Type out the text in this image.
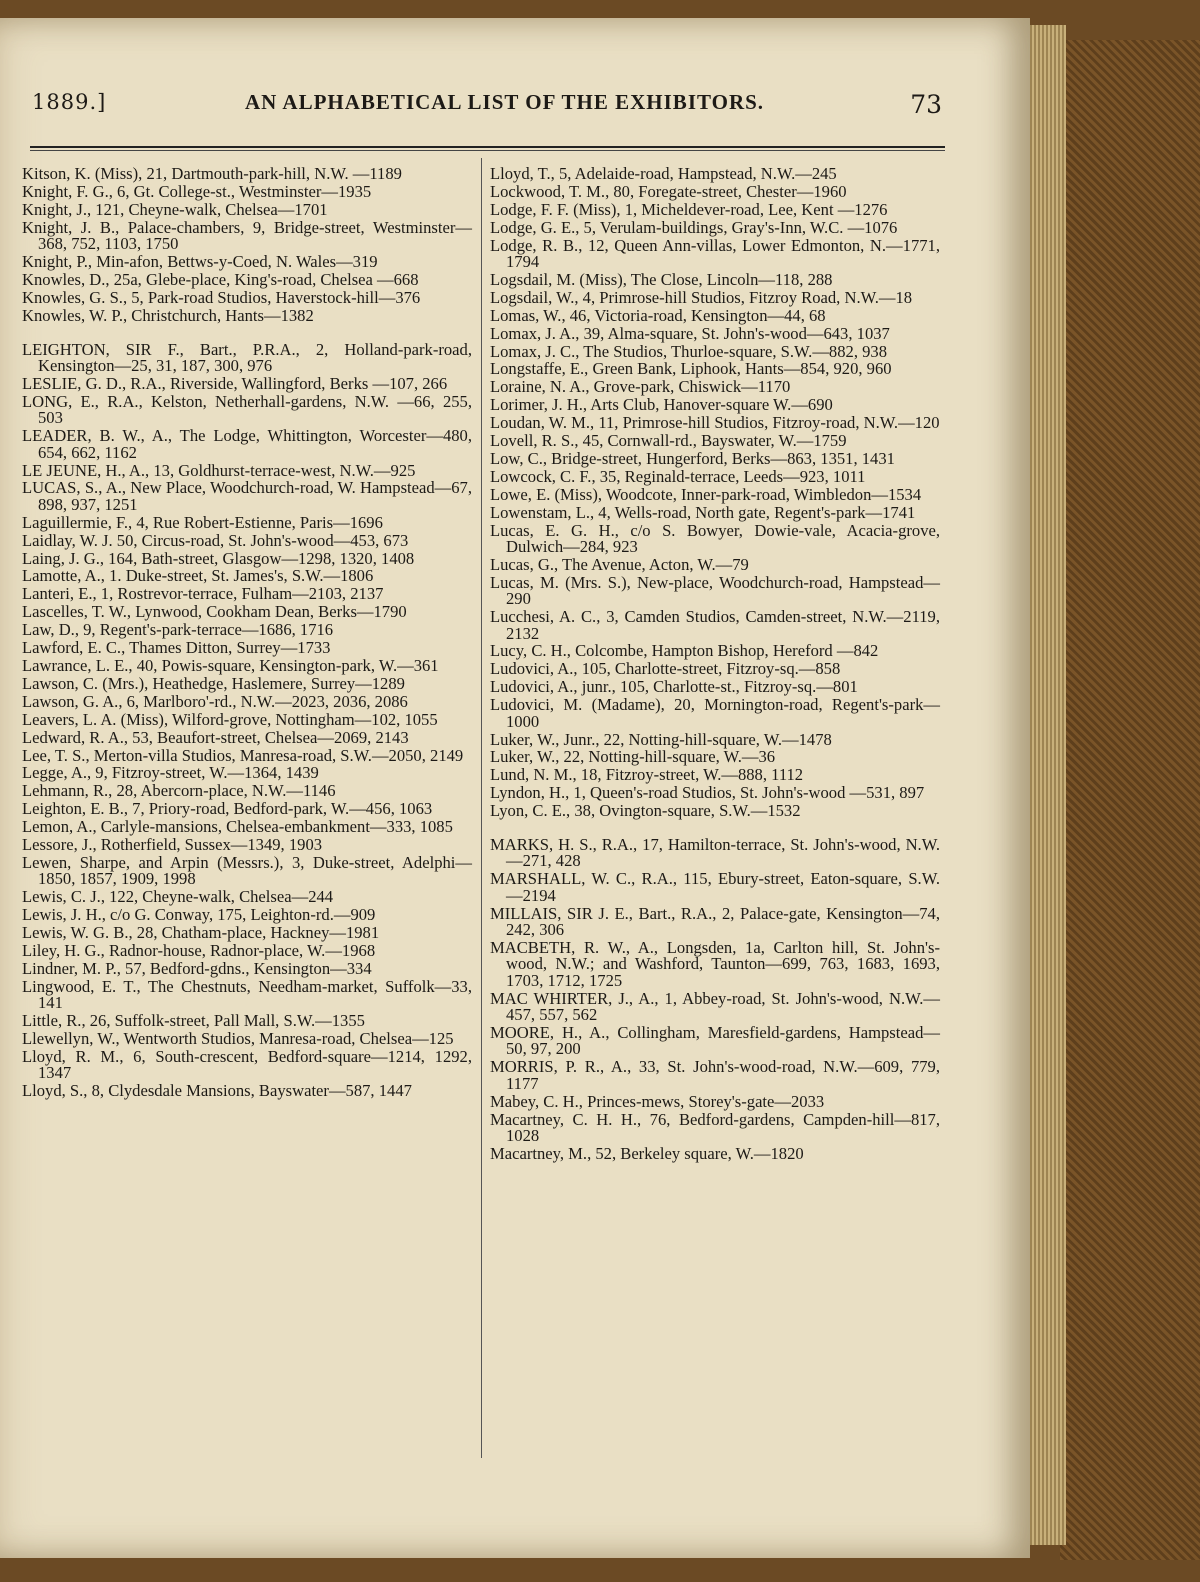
1889.]	AN ALPHABETICAL LIST OF THE EXHIBITORS.	73
Kitson, K. (Miss), 21, Dartmouth-park-hill, N.W. —1189
Knight, F. G., 6, Gt. College-st., Westminster—1935
Knight, J., 121, Cheyne-walk, Chelsea—1701
Knight, J. B., Palace-chambers, 9, Bridge-street, Westminster—368, 752, 1103, 1750
Knight, P., Min-afon, Bettws-y-Coed, N. Wales—319
Knowles, D., 25a, Glebe-place, King's-road, Chelsea —668
Knowles, G. S., 5, Park-road Studios, Haverstock-hill—376
Knowles, W. P., Christchurch, Hants—1382
LEIGHTON, SIR F., Bart., P.R.A., 2, Holland-park-road, Kensington—25, 31, 187, 300, 976
LESLIE, G. D., R.A., Riverside, Wallingford, Berks —107, 266
LONG, E., R.A., Kelston, Netherhall-gardens, N.W. —66, 255, 503
LEADER, B. W., A., The Lodge, Whittington, Worcester—480, 654, 662, 1162
LE JEUNE, H., A., 13, Goldhurst-terrace-west, N.W.—925
LUCAS, S., A., New Place, Woodchurch-road, W. Hampstead—67, 898, 937, 1251
Laguillermie, F., 4, Rue Robert-Estienne, Paris—1696
Laidlay, W. J. 50, Circus-road, St. John's-wood—453, 673
Laing, J. G., 164, Bath-street, Glasgow—1298, 1320, 1408
Lamotte, A., 1. Duke-street, St. James's, S.W.—1806
Lanteri, E., 1, Rostrevor-terrace, Fulham—2103, 2137
Lascelles, T. W., Lynwood, Cookham Dean, Berks—1790
Law, D., 9, Regent's-park-terrace—1686, 1716
Lawford, E. C., Thames Ditton, Surrey—1733
Lawrance, L. E., 40, Powis-square, Kensington-park, W.—361
Lawson, C. (Mrs.), Heathedge, Haslemere, Surrey—1289
Lawson, G. A., 6, Marlboro'-rd., N.W.—2023, 2036, 2086
Leavers, L. A. (Miss), Wilford-grove, Nottingham—102, 1055
Ledward, R. A., 53, Beaufort-street, Chelsea—2069, 2143
Lee, T. S., Merton-villa Studios, Manresa-road, S.W.—2050, 2149
Legge, A., 9, Fitzroy-street, W.—1364, 1439
Lehmann, R., 28, Abercorn-place, N.W.—1146
Leighton, E. B., 7, Priory-road, Bedford-park, W.—456, 1063
Lemon, A., Carlyle-mansions, Chelsea-embankment—333, 1085
Lessore, J., Rotherfield, Sussex—1349, 1903
Lewen, Sharpe, and Arpin (Messrs.), 3, Duke-street, Adelphi—1850, 1857, 1909, 1998
Lewis, C. J., 122, Cheyne-walk, Chelsea—244
Lewis, J. H., c/o G. Conway, 175, Leighton-rd.—909
Lewis, W. G. B., 28, Chatham-place, Hackney—1981
Liley, H. G., Radnor-house, Radnor-place, W.—1968
Lindner, M. P., 57, Bedford-gdns., Kensington—334
Lingwood, E. T., The Chestnuts, Needham-market, Suffolk—33, 141
Little, R., 26, Suffolk-street, Pall Mall, S.W.—1355
Llewellyn, W., Wentworth Studios, Manresa-road, Chelsea—125
Lloyd, R. M., 6, South-crescent, Bedford-square—1214, 1292, 1347
Lloyd, S., 8, Clydesdale Mansions, Bayswater—587, 1447
Lloyd, T., 5, Adelaide-road, Hampstead, N.W.—245
Lockwood, T. M., 80, Foregate-street, Chester—1960
Lodge, F. F. (Miss), 1, Micheldever-road, Lee, Kent —1276
Lodge, G. E., 5, Verulam-buildings, Gray's-Inn, W.C. —1076
Lodge, R. B., 12, Queen Ann-villas, Lower Edmonton, N.—1771, 1794
Logsdail, M. (Miss), The Close, Lincoln—118, 288
Logsdail, W., 4, Primrose-hill Studios, Fitzroy Road, N.W.—18
Lomas, W., 46, Victoria-road, Kensington—44, 68
Lomax, J. A., 39, Alma-square, St. John's-wood—643, 1037
Lomax, J. C., The Studios, Thurloe-square, S.W.—882, 938
Longstaffe, E., Green Bank, Liphook, Hants—854, 920, 960
Loraine, N. A., Grove-park, Chiswick—1170
Lorimer, J. H., Arts Club, Hanover-square W.—690
Loudan, W. M., 11, Primrose-hill Studios, Fitzroy-road, N.W.—120
Lovell, R. S., 45, Cornwall-rd., Bayswater, W.—1759
Low, C., Bridge-street, Hungerford, Berks—863, 1351, 1431
Lowcock, C. F., 35, Reginald-terrace, Leeds—923, 1011
Lowe, E. (Miss), Woodcote, Inner-park-road, Wimbledon—1534
Lowenstam, L., 4, Wells-road, North gate, Regent's-park—1741
Lucas, E. G. H., c/o S. Bowyer, Dowie-vale, Acacia-grove, Dulwich—284, 923
Lucas, G., The Avenue, Acton, W.—79
Lucas, M. (Mrs. S.), New-place, Woodchurch-road, Hampstead—290
Lucchesi, A. C., 3, Camden Studios, Camden-street, N.W.—2119, 2132
Lucy, C. H., Colcombe, Hampton Bishop, Hereford —842
Ludovici, A., 105, Charlotte-street, Fitzroy-sq.—858
Ludovici, A., junr., 105, Charlotte-st., Fitzroy-sq.—801
Ludovici, M. (Madame), 20, Mornington-road, Regent's-park—1000
Luker, W., Junr., 22, Notting-hill-square, W.—1478
Luker, W., 22, Notting-hill-square, W.—36
Lund, N. M., 18, Fitzroy-street, W.—888, 1112
Lyndon, H., 1, Queen's-road Studios, St. John's-wood —531, 897
Lyon, C. E., 38, Ovington-square, S.W.—1532
MARKS, H. S., R.A., 17, Hamilton-terrace, St. John's-wood, N.W.—271, 428
MARSHALL, W. C., R.A., 115, Ebury-street, Eaton-square, S.W.—2194
MILLAIS, SIR J. E., Bart., R.A., 2, Palace-gate, Kensington—74, 242, 306
MACBETH, R. W., A., Longsden, 1a, Carlton hill, St. John's-wood, N.W.; and Washford, Taunton—699, 763, 1683, 1693, 1703, 1712, 1725
MAC WHIRTER, J., A., 1, Abbey-road, St. John's-wood, N.W.—457, 557, 562
MOORE, H., A., Collingham, Maresfield-gardens, Hampstead—50, 97, 200
MORRIS, P. R., A., 33, St. John's-wood-road, N.W.—609, 779, 1177
Mabey, C. H., Princes-mews, Storey's-gate—2033
Macartney, C. H. H., 76, Bedford-gardens, Campden-hill—817, 1028
Macartney, M., 52, Berkeley square, W.—1820
